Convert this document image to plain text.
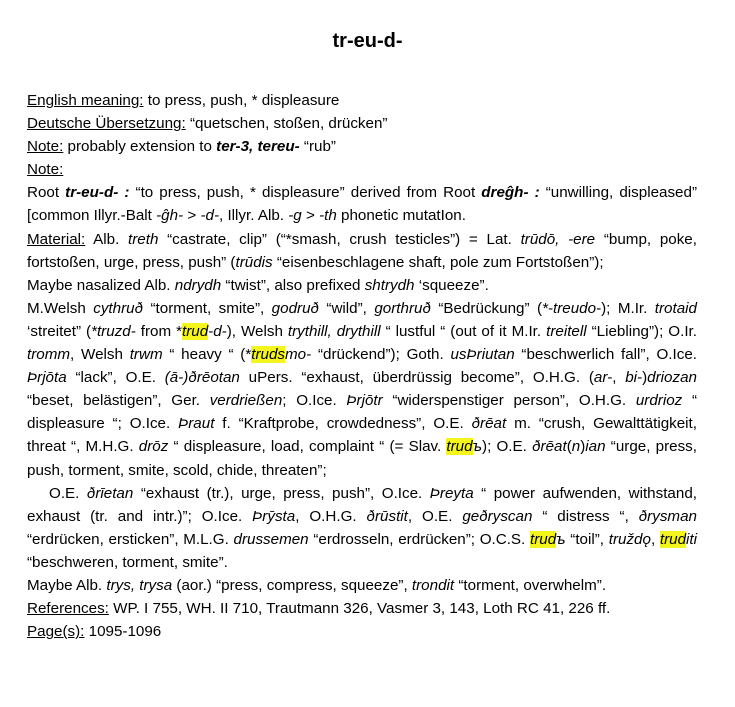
tr-eu-d-

English meaning: to press, push, * displeasure

Deutsche Übersetzung: “quetschen, stoßen, drücken”

Note: probably extension to ter-3, tereu- “rub”

Note:

Root tr-eu-d- : “to press, push, * displeasure” derived from Root dreĝh- : “unwilling, displeased” [common Illyr.-Balt -ĝh- > -d-, Illyr. Alb. -g > -th phonetic mutatIon.

Material: Alb. treth “castrate, clip” (“*smash, crush testicles”) = Lat. trūdō, -ere “bump, poke, fortstoßen, urge, press, push” (trūdis “eisenbeschlagene shaft, pole zum Fortstoßen”);

Maybe nasalized Alb. ndrydh “twist”, also prefixed shtrydh ‘squeeze”.

M.Welsh cythruð “torment, smite”, godruð “wild”, gorthruð “Bedrückung” (*-treudo-); M.Ir. trotaid ‘streitet” (*truzd- from *trud-d-), Welsh trythill, drythill “ lustful “ (out of it M.Ir. treitell “Liebling”); O.Ir. tromm, Welsh trwm “ heavy “ (*trudsmo- “drückend”); Goth. usÞriutan “beschwerlich fall”, O.Ice. Þrjōta “lack”, O.E. (ā-)ðrēotan uPers. “exhaust, überdrüssig become”, O.H.G. (ar-, bi-)driozan “beset, belästigen”, Ger. verdrießen; O.Ice. Þrjōtr “widerspenstiger person”, O.H.G. urdrioz “ displeasure “; O.Ice. Þraut f. “Kraftprobe, crowdedness”, O.E. ðrēat m. “crush, Gewalttätigkeit, threat “, M.H.G. drōz “ displeasure, load, complaint “ (= Slav. trudъ); O.E. ðrēat(n)ian “urge, press, push, torment, smite, scold, chide, threaten”;

O.E. ðrīetan “exhaust (tr.), urge, press, push”, O.Ice. Þreyta “ power aufwenden, withstand, exhaust (tr. and intr.)”; O.Ice. Þrȳsta, O.H.G. ðrūstit, O.E. geðryscan “ distress “, ðrysman “erdrücken, ersticken”, M.L.G. drussemen “erdrosseln, erdrücken”; O.C.S. trudъ “toil”, truždǫ, truditi “beschweren, torment, smite”.

Maybe Alb. trys, trysa (aor.) “press, compress, squeeze”, trondit “torment, overwhelm”.

References: WP. I 755, WH. II 710, Trautmann 326, Vasmer 3, 143, Loth RC 41, 226 ff.

Page(s): 1095-1096
